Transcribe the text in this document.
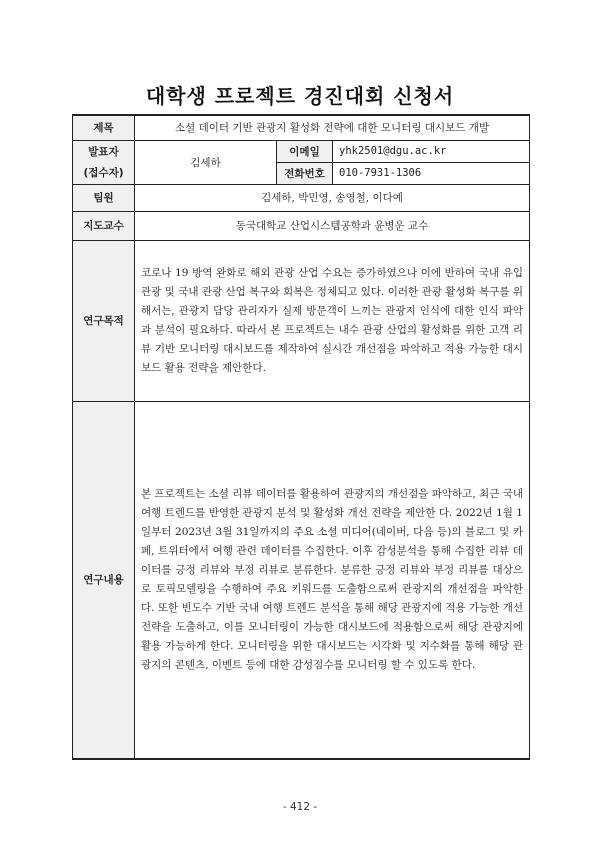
대학생 프로젝트 경진대회 신청서
제목	소셜 데이터 기반 관광지 활성화 전략에 대한 모니터링 대시보드 개발		

발표자
(접수자)	김세하	이메일	yhk2501@dgu.ac.kr
		전화번호	010-7931-1306
팀원	김세하, 박민영, 송영철, 이다예		
지도교수	동국대학교 산업시스템공학과 윤병운 교수		
연구목적	코로나 19 방역 완화로 해외 관광 산업 수요는 증가하였으나 이에 반하여 국내 유입 관광 및 국내 관광 산업 복구와 회복은 정체되고 있다. 이러한 관광 활성화 복구를 위해서는, 관광지 담당 관리자가 실제 방문객이 느끼는 관광지 인식에 대한 인식 파악과 분석이 필요하다. 따라서 본 프로젝트는 내수 관광 산업의 활성화를 위한 고객 리뷰 기반 모니터링 대시보드를 제작하여 실시간 개선점을 파악하고 적용 가능한 대시보드 활용 전략을 제안한다.		
연구내용	본 프로젝트는 소셜 리뷰 데이터를 활용하여 관광지의 개선점을 파악하고, 최근 국내 여행 트렌드를 반영한 관광지 분석 및 활성화 개선 전략을 제안한 다. 2022년 1월 1일부터 2023년 3월 31일까지의 주요 소셜 미디어(네이버, 다음 등)의 블로그 및 카페, 트위터에서 여행 관련 데이터를 수집한다. 이후 감성분석을 통해 수집한 리뷰 데이터를 긍정 리뷰와 부정 리뷰로 분류한다. 분류한 긍정 리뷰와 부정 리뷰를 대상으로 토픽모델링을 수행하여 주요 키워드를 도출함으로써 관광지의 개선점을 파악한다. 또한 빈도수 기반 국내 여행 트렌드 분석을 통해 해당 관광지에 적용 가능한 개선 전략을 도출하고, 이를 모니터링이 가능한 대시보드에 적용함으로써 해당 관광지에 활용 가능하게 한다. 모니터링을 위한 대시보드는 시각화 및 지수화를 통해 해당 관광지의 콘텐츠, 이벤트 등에 대한 감성점수를 모니터링 할 수 있도록 한다.		
- 412 -
